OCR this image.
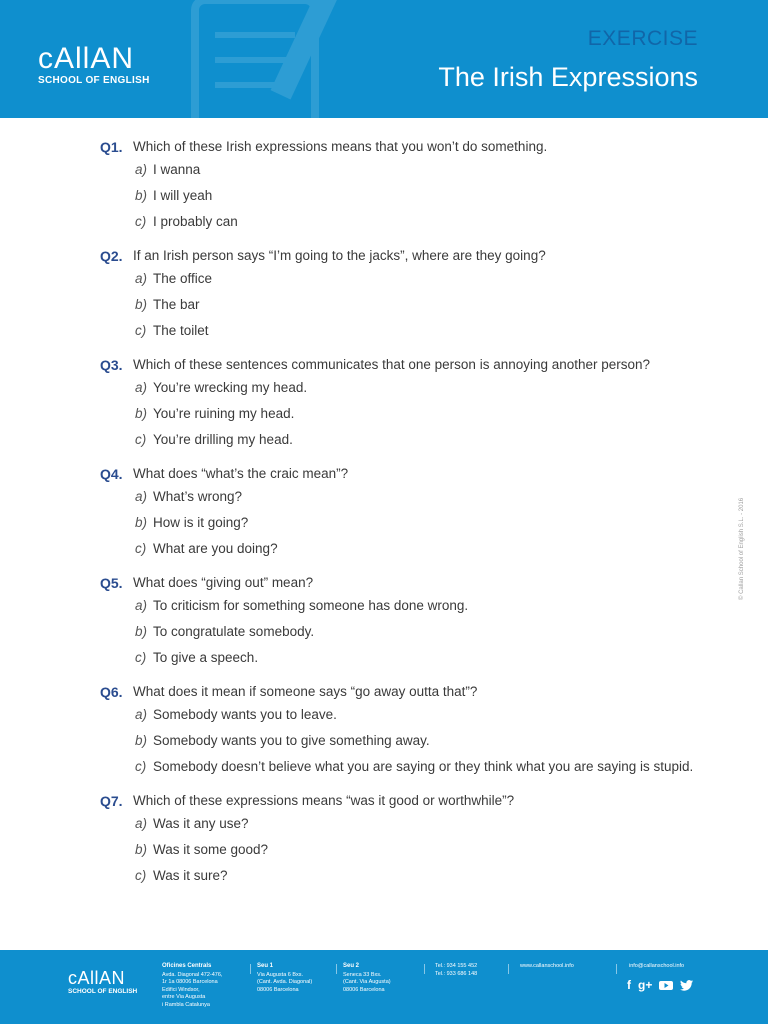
cAllAN
SCHOOL OF ENGLISH
EXERCISE
The Irish Expressions
Q1. Which of these Irish expressions means that you won’t do something.
a) I wanna
b) I will yeah
c) I probably can
Q2. If an Irish person says “I’m going to the jacks”, where are they going?
a) The office
b) The bar
c) The toilet
Q3. Which of these sentences communicates that one person is annoying another person?
a) You’re wrecking my head.
b) You’re ruining my head.
c) You’re drilling my head.
Q4. What does “what’s the craic mean”?
a) What’s wrong?
b) How is it going?
c) What are you doing?
Q5. What does “giving out” mean?
a) To criticism for something someone has done wrong.
b) To congratulate somebody.
c) To give a speech.
Q6. What does it mean if someone says “go away outta that”?
a) Somebody wants you to leave.
b) Somebody wants you to give something away.
c) Somebody doesn’t believe what you are saying or they think what you are saying is stupid.
Q7. Which of these expressions means “was it good or worthwhile”?
a) Was it any use?
b) Was it some good?
c) Was it sure?
© Callan School of English S.L. - 2016
cAllAN
SCHOOL OF ENGLISH
Oficines Centrals
Avda. Diagonal 472-476,
1r 1a 08006 Barcelona
Edifici Windsor,
entre Via Augusta
i Rambla Catalunya
Seu 1
Via Augusta 6 Bxs.
(Cant. Avda. Diagonal)
08006 Barcelona
Seu 2
Seneca 33 Bxs.
(Cant. Via Augusta)
08006 Barcelona
Tel.: 934 155 452
Tel.: 933 686 148
www.callanschool.info	info@callanschool.info
f g+
